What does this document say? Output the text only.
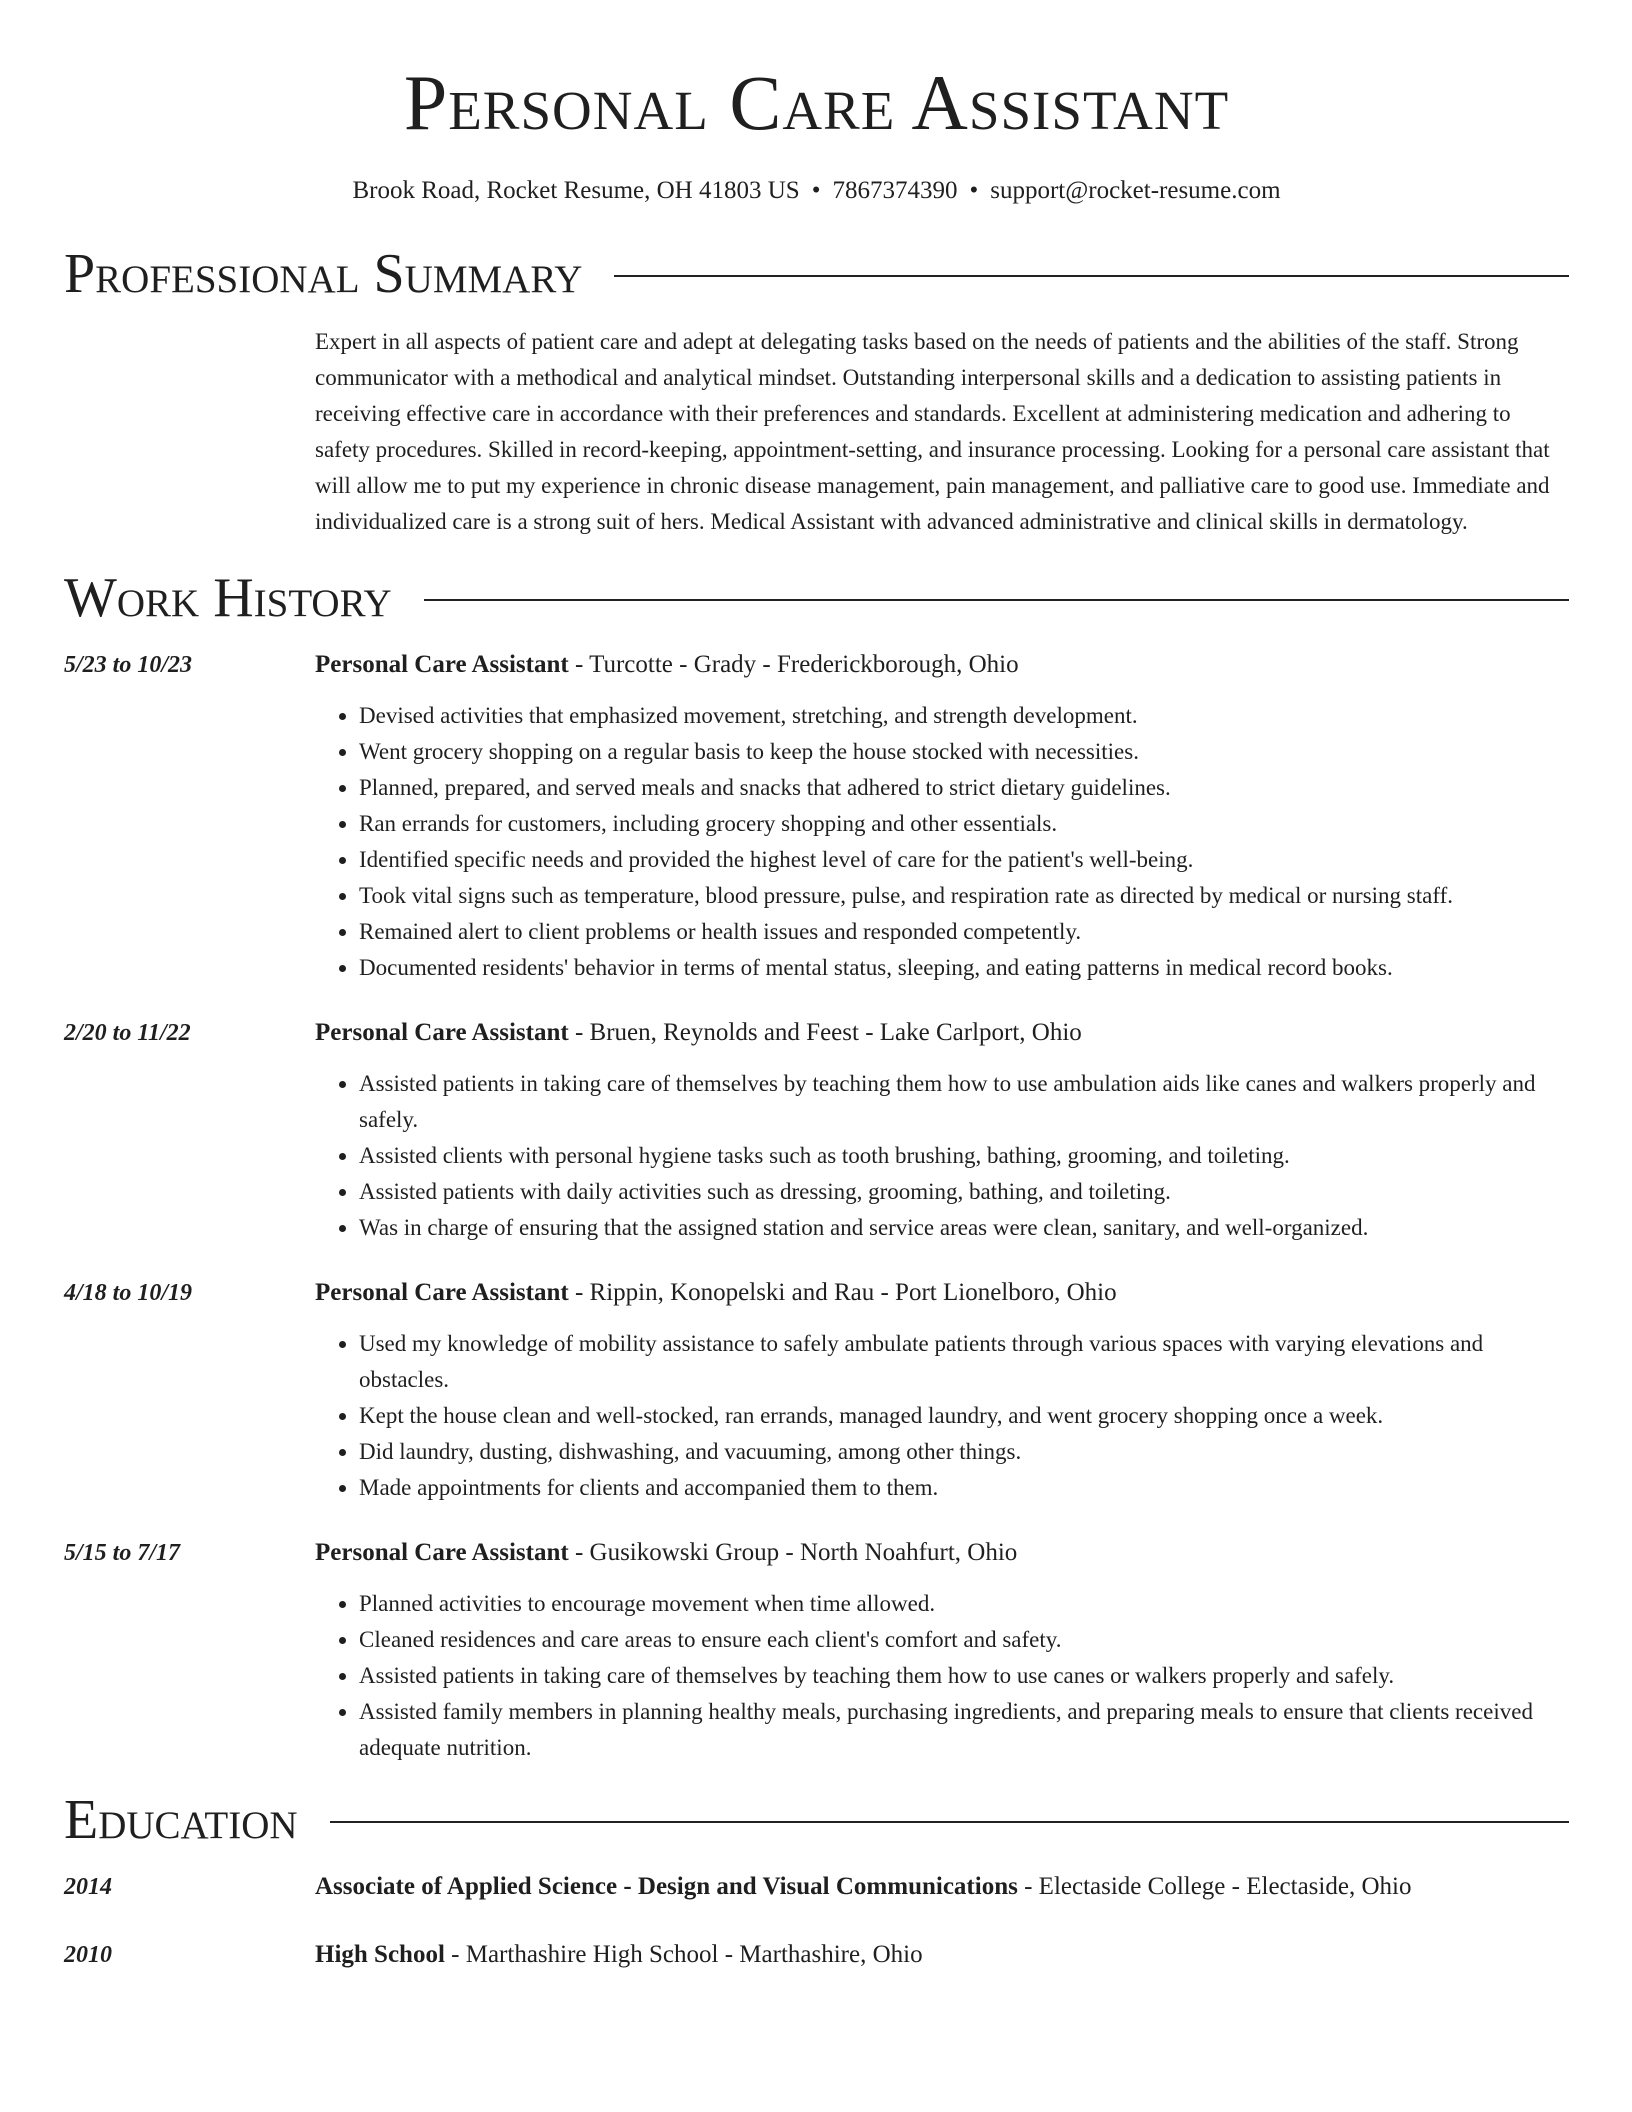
Personal Care Assistant
Brook Road, Rocket Resume, OH 41803 US • 7867374390 • support@rocket-resume.com
Professional Summary
Expert in all aspects of patient care and adept at delegating tasks based on the needs of patients and the abilities of the staff. Strong communicator with a methodical and analytical mindset. Outstanding interpersonal skills and a dedication to assisting patients in receiving effective care in accordance with their preferences and standards. Excellent at administering medication and adhering to safety procedures. Skilled in record-keeping, appointment-setting, and insurance processing. Looking for a personal care assistant that will allow me to put my experience in chronic disease management, pain management, and palliative care to good use. Immediate and individualized care is a strong suit of hers. Medical Assistant with advanced administrative and clinical skills in dermatology.
Work History
5/23 to 10/23	Personal Care Assistant - Turcotte - Grady - Frederickborough, Ohio
• Devised activities that emphasized movement, stretching, and strength development.
• Went grocery shopping on a regular basis to keep the house stocked with necessities.
• Planned, prepared, and served meals and snacks that adhered to strict dietary guidelines.
• Ran errands for customers, including grocery shopping and other essentials.
• Identified specific needs and provided the highest level of care for the patient's well-being.
• Took vital signs such as temperature, blood pressure, pulse, and respiration rate as directed by medical or nursing staff.
• Remained alert to client problems or health issues and responded competently.
• Documented residents' behavior in terms of mental status, sleeping, and eating patterns in medical record books.
2/20 to 11/22	Personal Care Assistant - Bruen, Reynolds and Feest - Lake Carlport, Ohio
• Assisted patients in taking care of themselves by teaching them how to use ambulation aids like canes and walkers properly and safely.
• Assisted clients with personal hygiene tasks such as tooth brushing, bathing, grooming, and toileting.
• Assisted patients with daily activities such as dressing, grooming, bathing, and toileting.
• Was in charge of ensuring that the assigned station and service areas were clean, sanitary, and well-organized.
4/18 to 10/19	Personal Care Assistant - Rippin, Konopelski and Rau - Port Lionelboro, Ohio
• Used my knowledge of mobility assistance to safely ambulate patients through various spaces with varying elevations and obstacles.
• Kept the house clean and well-stocked, ran errands, managed laundry, and went grocery shopping once a week.
• Did laundry, dusting, dishwashing, and vacuuming, among other things.
• Made appointments for clients and accompanied them to them.
5/15 to 7/17	Personal Care Assistant - Gusikowski Group - North Noahfurt, Ohio
• Planned activities to encourage movement when time allowed.
• Cleaned residences and care areas to ensure each client's comfort and safety.
• Assisted patients in taking care of themselves by teaching them how to use canes or walkers properly and safely.
• Assisted family members in planning healthy meals, purchasing ingredients, and preparing meals to ensure that clients received adequate nutrition.
Education
2014	Associate of Applied Science - Design and Visual Communications - Electaside College - Electaside, Ohio
2010	High School - Marthashire High School - Marthashire, Ohio
